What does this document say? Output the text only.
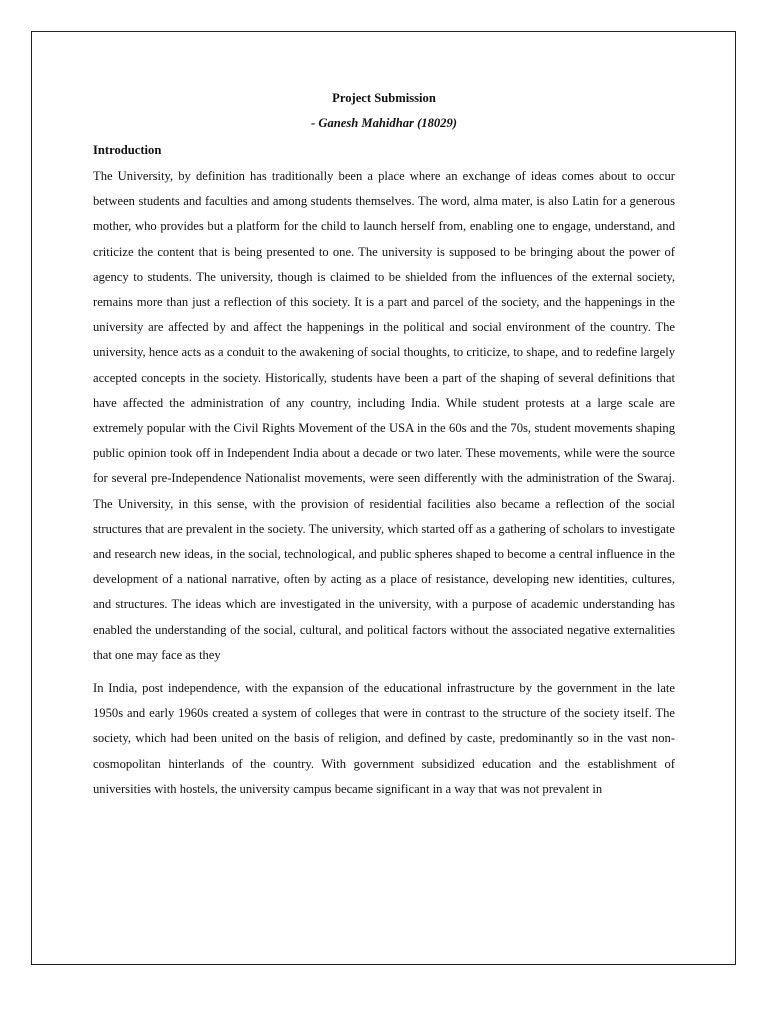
Project Submission

- Ganesh Mahidhar (18029)

Introduction

The University, by definition has traditionally been a place where an exchange of ideas comes about to occur between students and faculties and among students themselves. The word, alma mater, is also Latin for a generous mother, who provides but a platform for the child to launch herself from, enabling one to engage, understand, and criticize the content that is being presented to one. The university is supposed to be bringing about the power of agency to students. The university, though is claimed to be shielded from the influences of the external society, remains more than just a reflection of this society. It is a part and parcel of the society, and the happenings in the university are affected by and affect the happenings in the political and social environment of the country. The university, hence acts as a conduit to the awakening of social thoughts, to criticize, to shape, and to redefine largely accepted concepts in the society. Historically, students have been a part of the shaping of several definitions that have affected the administration of any country, including India. While student protests at a large scale are extremely popular with the Civil Rights Movement of the USA in the 60s and the 70s, student movements shaping public opinion took off in Independent India about a decade or two later. These movements, while were the source for several pre-Independence Nationalist movements, were seen differently with the administration of the Swaraj. The University, in this sense, with the provision of residential facilities also became a reflection of the social structures that are prevalent in the society. The university, which started off as a gathering of scholars to investigate and research new ideas, in the social, technological, and public spheres shaped to become a central influence in the development of a national narrative, often by acting as a place of resistance, developing new identities, cultures, and structures. The ideas which are investigated in the university, with a purpose of academic understanding has enabled the understanding of the social, cultural, and political factors without the associated negative externalities that one may face as they

In India, post independence, with the expansion of the educational infrastructure by the government in the late 1950s and early 1960s created a system of colleges that were in contrast to the structure of the society itself. The society, which had been united on the basis of religion, and defined by caste, predominantly so in the vast non-cosmopolitan hinterlands of the country. With government subsidized education and the establishment of universities with hostels, the university campus became significant in a way that was not prevalent in
